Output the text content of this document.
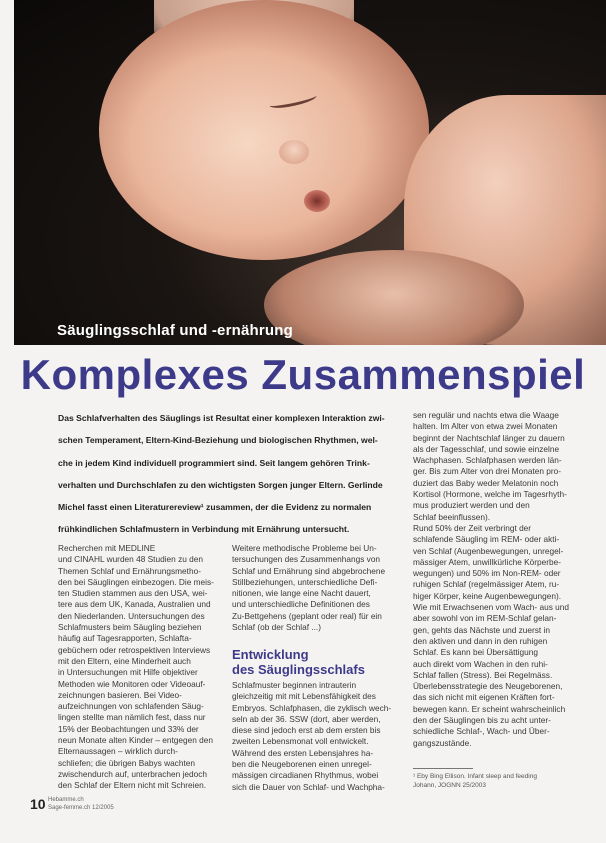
Säuglingsschlaf und -ernährung
Komplexes Zusammenspiel
Das Schlafverhalten des Säuglings ist Resultat einer komplexen Interaktion zwi-
schen Temperament, Eltern-Kind-Beziehung und biologischen Rhythmen, wel-
che in jedem Kind individuell programmiert sind. Seit langem gehören Trink-
verhalten und Durchschlafen zu den wichtigsten Sorgen junger Eltern. Gerlinde
Michel fasst einen Literaturereview¹ zusammen, der die Evidenz zu normalen
frühkindlichen Schlafmustern in Verbindung mit Ernährung untersucht.
Recherchen mit MEDLINE
und CINAHL wurden 48 Studien zu den
Themen Schlaf und Ernährungsmetho-
den bei Säuglingen einbezogen. Die meis-
ten Studien stammen aus den USA, wei-
tere aus dem UK, Kanada, Australien und
den Niederlanden. Untersuchungen des
Schlafmusters beim Säugling beziehen
häufig auf Tagesrapporten, Schlafta-
gebüchern oder retrospektiven Interviews
mit den Eltern, eine Minderheit auch
in Untersuchungen mit Hilfe objektiver
Methoden wie Monitoren oder Videoauf-
zeichnungen basieren. Bei Video-
aufzeichnungen von schlafenden Säug-
lingen stellte man nämlich fest, dass nur
15% der Beobachtungen und 33% der
neun Monate alten Kinder – entgegen den
Elternaussagen – wirklich durch-
schliefen; die übrigen Babys wachten
zwischendurch auf, unterbrachen jedoch
den Schlaf der Eltern nicht mit Schreien.
Weitere methodische Probleme bei Un-
tersuchungen des Zusammenhangs von
Schlaf und Ernährung sind abgebrochene
Stillbeziehungen, unterschiedliche Defi-
nitionen, wie lange eine Nacht dauert,
und unterschiedliche Definitionen des
Zu-Bettgehens (geplant oder real) für ein
Schlaf (ob der Schlaf ...)
Entwicklung
des Säuglingsschlafs
Schlafmuster beginnen intrauterin
gleichzeitig mit mit Lebensfähigkeit des
Embryos. Schlafphasen, die zyklisch wech-
seln ab der 36. SSW (dort, aber werden,
diese sind jedoch erst ab dem ersten bis
zweiten Lebensmonat voll entwickelt.
Während des ersten Lebensjahres ha-
ben die Neugeborenen einen unregel-
mässigen circadianen Rhythmus, wobei
sich die Dauer von Schlaf- und Wachpha-
sen regulär und nachts etwa die Waage
halten. Im Alter von etwa zwei Monaten
beginnt der Nachtschlaf länger zu dauern
als der Tagesschlaf, und sowie einzelne
Wachphasen. Schlafphasen werden län-
ger. Bis zum Alter von drei Monaten pro-
duziert das Baby weder Melatonin noch
Kortisol (Hormone, welche im Tagesrhyth-
mus produziert werden und den
Schlaf beeinflussen).
Rund 50% der Zeit verbringt der
schlafende Säugling im REM- oder akti-
ven Schlaf (Augenbewegungen, unregel-
mässiger Atem, unwillkürliche Körperbe-
wegungen) und 50% im Non-REM- oder
ruhigen Schlaf (regelmässiger Atem, ru-
higer Körper, keine Augenbewegungen).
Wie mit Erwachsenen vom Wach- aus und
aber sowohl von im REM-Schlaf gelan-
gen, gehts das Nächste und zuerst in
den aktiven und dann in den ruhigen
Schlaf. Es kann bei Übersättigung
auch direkt vom Wachen in den ruhi-
Schlaf fallen (Stress). Bei Regelmäss.
Überlebensstrategie des Neugeborenen,
das sich nicht mit eigenen Kräften fort-
bewegen kann. Er scheint wahrscheinlich
den der Säuglingen bis zu acht unter-
schiedliche Schlaf-, Wach- und Über-
gangszustände.
¹ Eby Bing Ellison. Infant sleep and feeding
Johann, JOGNN 25/2003
10 Hebamme.ch
Sage-femme.ch 12/2005
